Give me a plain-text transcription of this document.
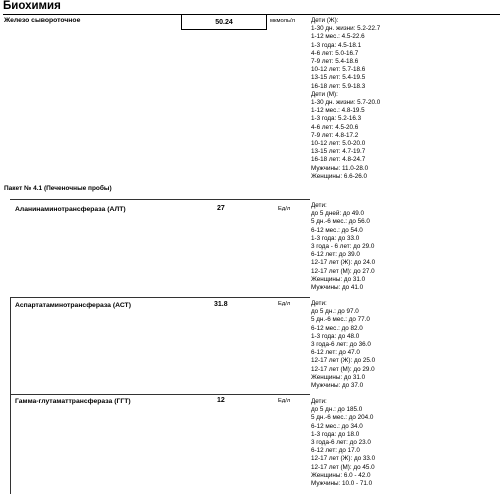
Биохимия
Железо сывороточное	50.24	мкмоль/л	Дети (Ж):
1-30 дн. жизни: 5.2-22.7
1-12 мес.: 4.5-22.6
1-3 года: 4.5-18.1
4-6 лет: 5.0-16.7
7-9 лет: 5.4-18.6
10-12 лет: 5.7-18.6
13-15 лет: 5.4-19.5
16-18 лет: 5.9-18.3
Дети (М):
1-30 дн. жизни: 5.7-20.0
1-12 мес.: 4.8-19.5
1-3 года: 5.2-16.3
4-6 лет: 4.5-20.6
7-9 лет: 4.8-17.2
10-12 лет: 5.0-20.0
13-15 лет: 4.7-19.7
16-18 лет: 4.8-24.7
Мужчины: 11.0-28.0
Женщины: 6.6-26.0
Пакет № 4.1 (Печеночные пробы)
Аланинаминотрансфераза (АЛТ)	27	Ед/л	Дети:
до 5 дней: до 49.0
5 дн.-6 мес.: до 56.0
6-12 мес.: до 54.0
1-3 года: до 33.0
3 года - 6 лет: до 29.0
6-12 лет: до 39.0
12-17 лет (Ж): до 24.0
12-17 лет (М): до 27.0
Женщины: до 31.0
Мужчины: до 41.0
Аспартатаминотрансфераза (АСТ)	31.8	Ед/л	Дети:
до 5 дн.: до 97.0
5 дн.-6 мес.: до 77.0
6-12 мес.: до 82.0
1-3 года: до 48.0
3 года-6 лет: до 36.0
6-12 лет: до 47.0
12-17 лет (Ж): до 25.0
12-17 лет (М): до 29.0
Женщины: до 31.0
Мужчины: до 37.0
Гамма-глутаматтрансфераза (ГГТ)	12	Ед/л	Дети:
до 5 дн.: до 185.0
5 дн.-6 мес.: до 204.0
6-12 мес.: до 34.0
1-3 года: до 18.0
3 года-6 лет: до 23.0
6-12 лет: до 17.0
12-17 лет (Ж): до 33.0
12-17 лет (М): до 45.0
Женщины: 6.0 - 42.0
Мужчины: 10.0 - 71.0
